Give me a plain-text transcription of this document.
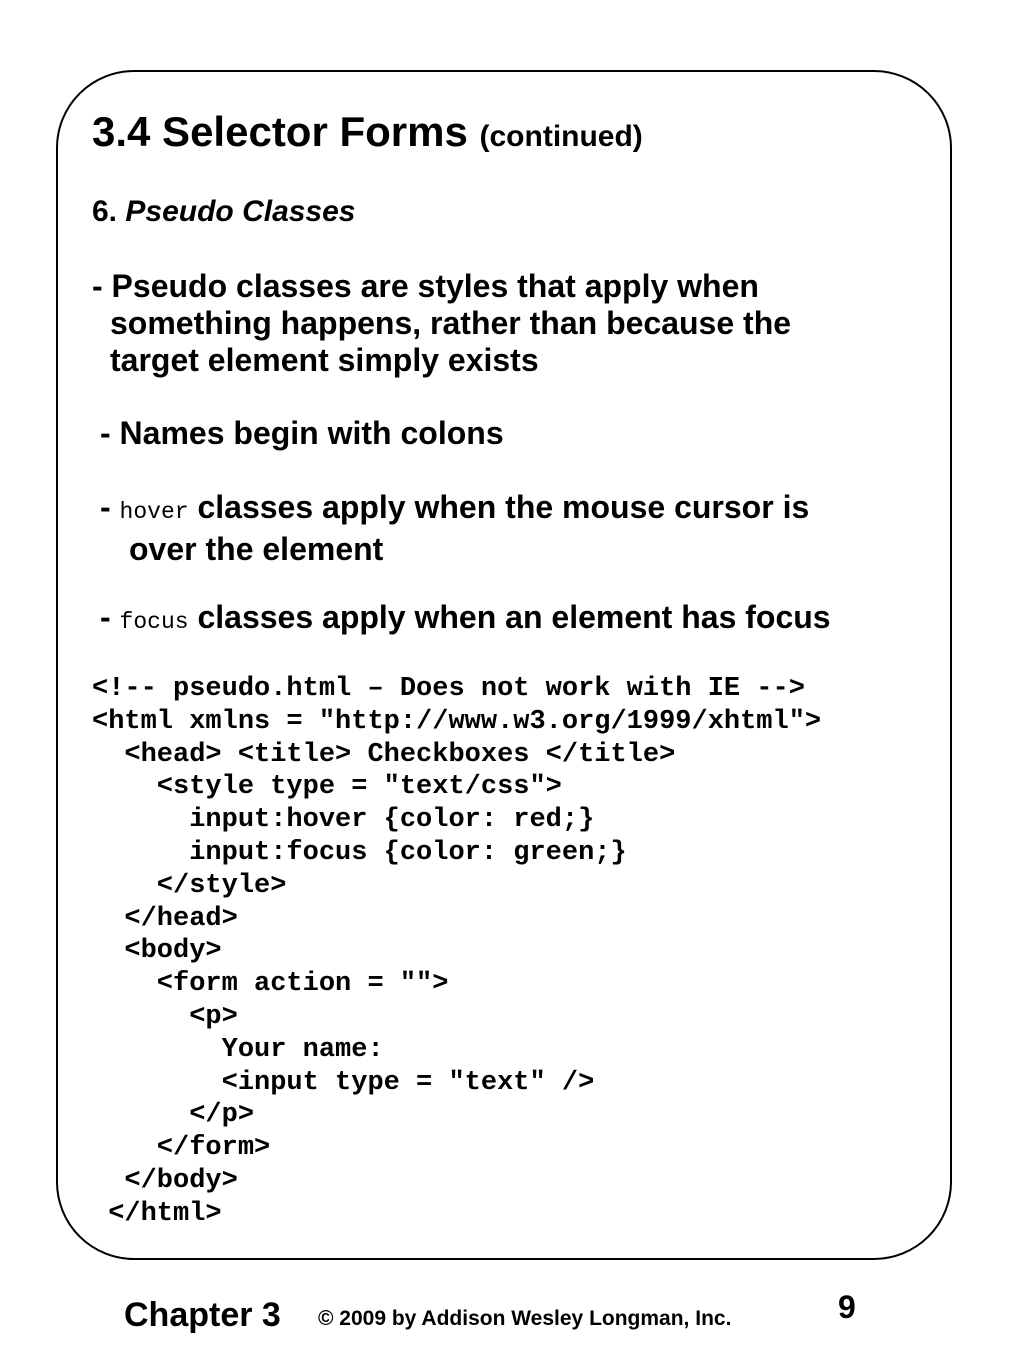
3.4 Selector Forms (continued)
6. Pseudo Classes
- Pseudo classes are styles that apply when
something happens, rather than because the
target element simply exists
- Names begin with colons
- hover classes apply when the mouse cursor is
over the element
- focus classes apply when an element has focus
<!-- pseudo.html – Does not work with IE -->
<html xmlns = "http://www.w3.org/1999/xhtml">
<head> <title> Checkboxes </title>
<style type = "text/css">
input:hover {color: red;}
input:focus {color: green;}
</style>
</head>
<body>
<form action = "">
<p>
Your name:
<input type = "text" />
</p>
</form>
</body>
</html>
Chapter 3 © 2009 by Addison Wesley Longman, Inc.	9
